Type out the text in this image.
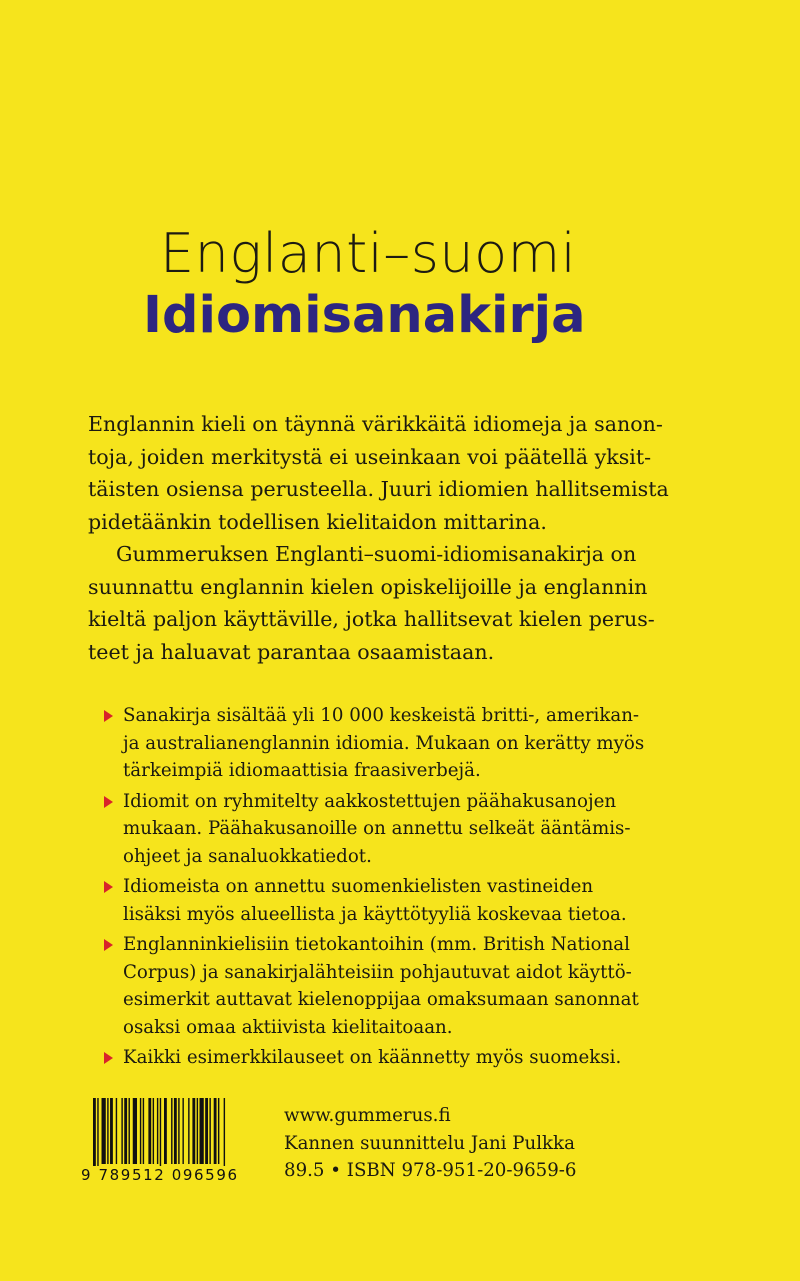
Englanti–suomi
Idiomisanakirja

Englannin kieli on täynnä värikkäitä idiomeja ja sanon-

toja, joiden merkitystä ei useinkaan voi päätellä yksit-

täisten osiensa perusteella. Juuri idiomien hallitsemista

pidetäänkin todellisen kielitaidon mittarina.

Gummeruksen Englanti–suomi-idiomisanakirja on

suunnattu englannin kielen opiskelijoille ja englannin

kieltä paljon käyttäville, jotka hallitsevat kielen perus-

teet ja haluavat parantaa osaamistaan.

Sanakirja sisältää yli 10 000 keskeistä britti-, amerikan-
ja australianenglannin idiomia. Mukaan on kerätty myös
tärkeimpiä idiomaattisia fraasiverbejä.
Idiomit on ryhmitelty aakkostettujen päähakusanojen
mukaan. Päähakusanoille on annettu selkeät ääntämis-
ohjeet ja sanaluokkatiedot.
Idiomeista on annettu suomenkielisten vastineiden
lisäksi myös alueellista ja käyttötyyliä koskevaa tietoa.
Englanninkielisiin tietokantoihin (mm. British National
Corpus) ja sanakirjalähteisiin pohjautuvat aidot käyttö-
esimerkit auttavat kielenoppijaa omaksumaan sanonnat
osaksi omaa aktiivista kielitaitoaan.
Kaikki esimerkkilauseet on käännetty myös suomeksi.
9 789512 096596
www.gummerus.fi
Kannen suunnittelu Jani Pulkka
89.5 • ISBN 978-951-20-9659-6
